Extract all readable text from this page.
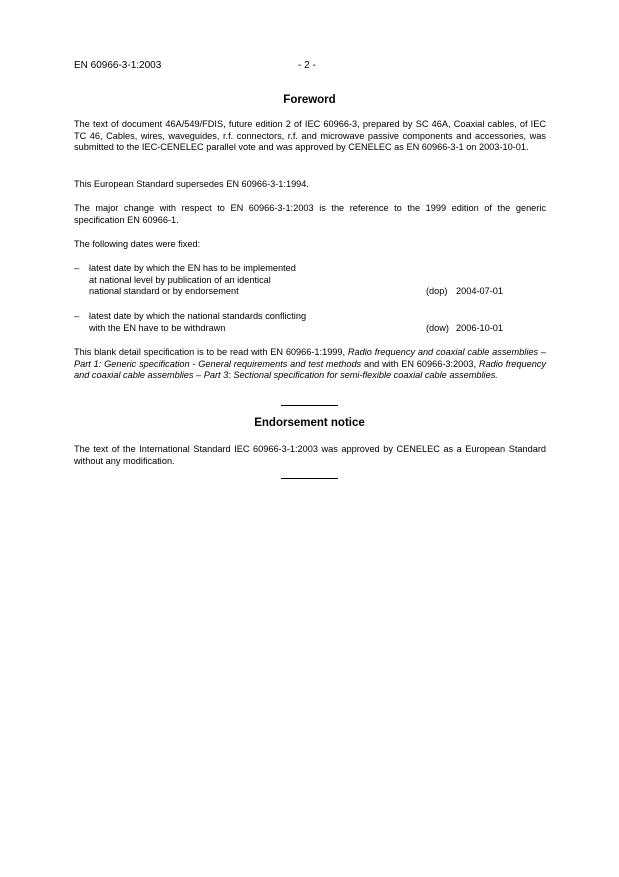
EN 60966-3-1:2003	- 2 -
Foreword
The text of document 46A/549/FDIS, future edition 2 of IEC 60966-3, prepared by SC 46A, Coaxial cables, of IEC TC 46, Cables, wires, waveguides, r.f. connectors, r.f. and microwave passive components and accessories, was submitted to the IEC-CENELEC parallel vote and was approved by CENELEC as EN 60966-3-1 on 2003-10-01.
This European Standard supersedes EN 60966-3-1:1994.
The major change with respect to EN 60966-3-1:2003 is the reference to the 1999 edition of the generic specification EN 60966-1.
The following dates were fixed:
– latest date by which the EN has to be implemented
at national level by publication of an identical
national standard or by endorsement	(dop) 2004-07-01
– latest date by which the national standards conflicting
with the EN have to be withdrawn	(dow) 2006-10-01
This blank detail specification is to be read with EN 60966-1:1999, Radio frequency and coaxial cable assemblies – Part 1: Generic specification - General requirements and test methods and with EN 60966-3:2003, Radio frequency and coaxial cable assemblies – Part 3: Sectional specification for semi-flexible coaxial cable assemblies.
Endorsement notice
The text of the International Standard IEC 60966-3-1:2003 was approved by CENELEC as a European Standard without any modification.
